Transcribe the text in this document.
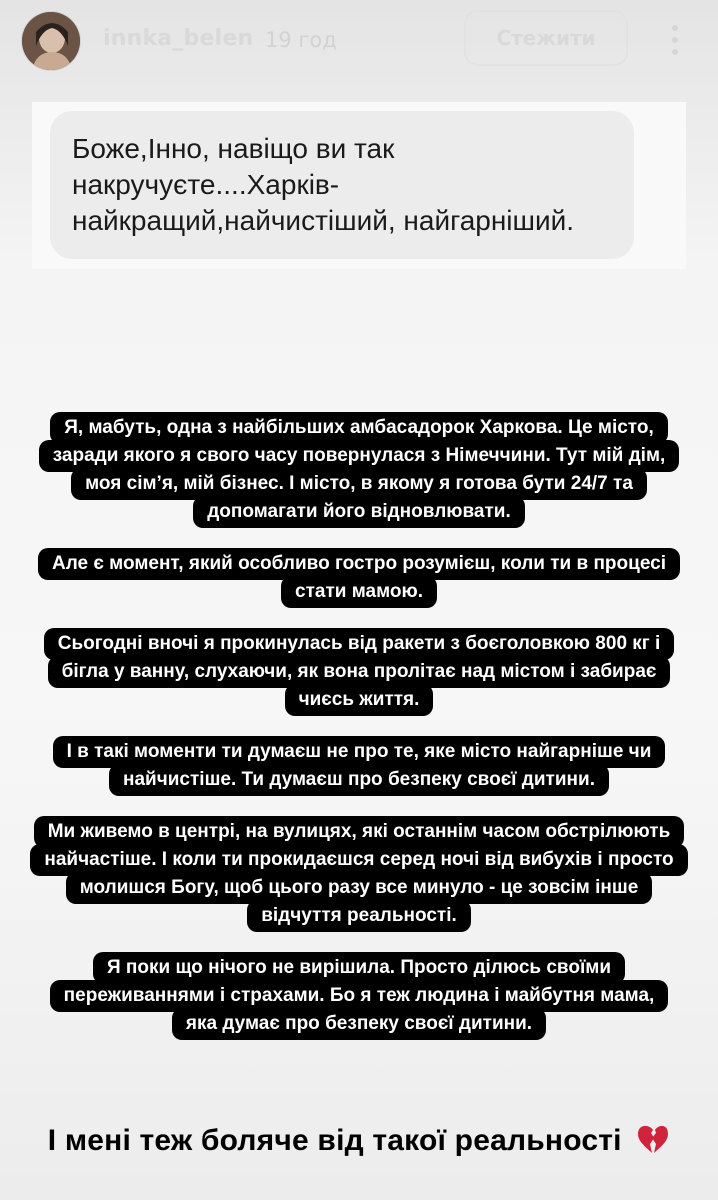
innka_belen 19 год	Стежити
Боже,Інно, навіщо ви так
накручуєте....Харків-
найкращий,найчистіший, найгарніший.
Я, мабуть, одна з найбільших амбасадорок Харкова. Це місто,
заради якого я свого часу повернулася з Німеччини. Тут мій дім,
моя сім’я, мій бізнес. І місто, в якому я готова бути 24/7 та
допомагати його відновлювати.
Але є момент, який особливо гостро розумієш, коли ти в процесі
стати мамою.
Сьогодні вночі я прокинулась від ракети з боєголовкою 800 кг і
бігла у ванну, слухаючи, як вона пролітає над містом і забирає
чиєсь життя.
І в такі моменти ти думаєш не про те, яке місто найгарніше чи
найчистіше. Ти думаєш про безпеку своєї дитини.
Ми живемо в центрі, на вулицях, які останнім часом обстрілюють
найчастіше. І коли ти прокидаєшся серед ночі від вибухів і просто
молишся Богу, щоб цього разу все минуло - це зовсім інше
відчуття реальності.
Я поки що нічого не вирішила. Просто ділюсь своїми
переживаннями і страхами. Бо я теж людина і майбутня мама,
яка думає про безпеку своєї дитини.
І мені теж боляче від такої реальності
